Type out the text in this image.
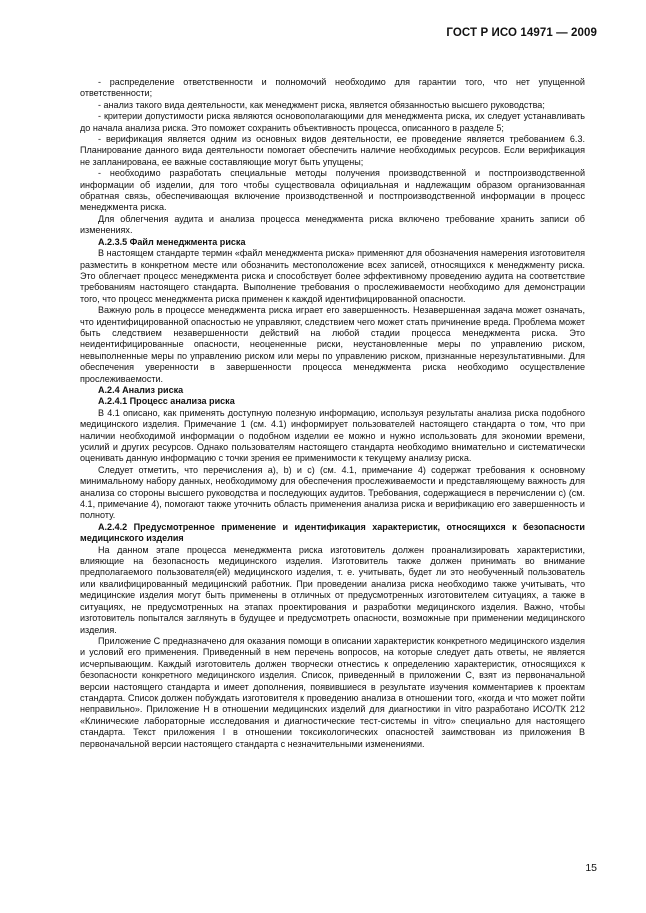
ГОСТ Р ИСО 14971 — 2009

- распределение ответственности и полномочий необходимо для гарантии того, что нет упущенной ответственности;

- анализ такого вида деятельности, как менеджмент риска, является обязанностью высшего руководства;

- критерии допустимости риска являются основополагающими для менеджмента риска, их следует устанавливать до начала анализа риска. Это поможет сохранить объективность процесса, описанного в разделе 5;

- верификация является одним из основных видов деятельности, ее проведение является требованием 6.3. Планирование данного вида деятельности помогает обеспечить наличие необходимых ресурсов. Если верификация не запланирована, ее важные составляющие могут быть упущены;

- необходимо разработать специальные методы получения производственной и постпроизводственной информации об изделии, для того чтобы существовала официальная и надлежащим образом организованная обратная связь, обеспечивающая включение производственной и постпроизводственной информации в процесс менеджмента риска.

Для облегчения аудита и анализа процесса менеджмента риска включено требование хранить записи об изменениях.

A.2.3.5 Файл менеджмента риска

В настоящем стандарте термин «файл менеджмента риска» применяют для обозначения намерения изготовителя разместить в конкретном месте или обозначить местоположение всех записей, относящихся к менеджменту риска. Это облегчает процесс менеджмента риска и способствует более эффективному проведению аудита на соответствие требованиям настоящего стандарта. Выполнение требования о прослеживаемости необходимо для демонстрации того, что процесс менеджмента риска применен к каждой идентифицированной опасности.

Важную роль в процессе менеджмента риска играет его завершенность. Незавершенная задача может означать, что идентифицированной опасностью не управляют, следствием чего может стать причинение вреда. Проблема может быть следствием незавершенности действий на любой стадии процесса менеджмента риска. Это неидентифицированные опасности, неоцененные риски, неустановленные меры по управлению риском, невыполненные меры по управлению риском или меры по управлению риском, признанные нерезультативными. Для обеспечения уверенности в завершенности процесса менеджмента риска необходимо осуществление прослеживаемости.

A.2.4 Анализ риска
A.2.4.1 Процесс анализа риска

В 4.1 описано, как применять доступную полезную информацию, используя результаты анализа риска подобного медицинского изделия. Примечание 1 (см. 4.1) информирует пользователей настоящего стандарта о том, что при наличии необходимой информации о подобном изделии ее можно и нужно использовать для экономии времени, усилий и других ресурсов. Однако пользователям настоящего стандарта необходимо внимательно и систематически оценивать данную информацию с точки зрения ее применимости к текущему анализу риска.

Следует отметить, что перечисления а), b) и с) (см. 4.1, примечание 4) содержат требования к основному минимальному набору данных, необходимому для обеспечения прослеживаемости и представляющему важность для анализа со стороны высшего руководства и последующих аудитов. Требования, содержащиеся в перечислении с) (см. 4.1, примечание 4), помогают также уточнить область применения анализа риска и верификацию его завершенность и полноту.

A.2.4.2 Предусмотренное применение и идентификация характеристик, относящихся к безопасности медицинского изделия

На данном этапе процесса менеджмента риска изготовитель должен проанализировать характеристики, влияющие на безопасность медицинского изделия. Изготовитель также должен принимать во внимание предполагаемого пользователя(ей) медицинского изделия, т. е. учитывать, будет ли это необученный пользователь или квалифицированный медицинский работник. При проведении анализа риска необходимо также учитывать, что медицинские изделия могут быть применены в отличных от предусмотренных изготовителем ситуациях, а также в ситуациях, не предусмотренных на этапах проектирования и разработки медицинского изделия. Важно, чтобы изготовитель попытался заглянуть в будущее и предусмотреть опасности, возможные при применении медицинского изделия.

Приложение С предназначено для оказания помощи в описании характеристик конкретного медицинского изделия и условий его применения. Приведенный в нем перечень вопросов, на которые следует дать ответы, не является исчерпывающим. Каждый изготовитель должен творчески отнестись к определению характеристик, относящихся к безопасности конкретного медицинского изделия. Список, приведенный в приложении С, взят из первоначальной версии настоящего стандарта и имеет дополнения, появившиеся в результате изучения комментариев к проектам стандарта. Список должен побуждать изготовителя к проведению анализа в отношении того, «когда и что может пойти неправильно». Приложение Н в отношении медицинских изделий для диагностики in vitro разработано ИСО/ТК 212 «Клинические лабораторные исследования и диагностические тест-системы in vitro» специально для настоящего стандарта. Текст приложения I в отношении токсикологических опасностей заимствован из приложения В первоначальной версии настоящего стандарта с незначительными изменениями.

15
